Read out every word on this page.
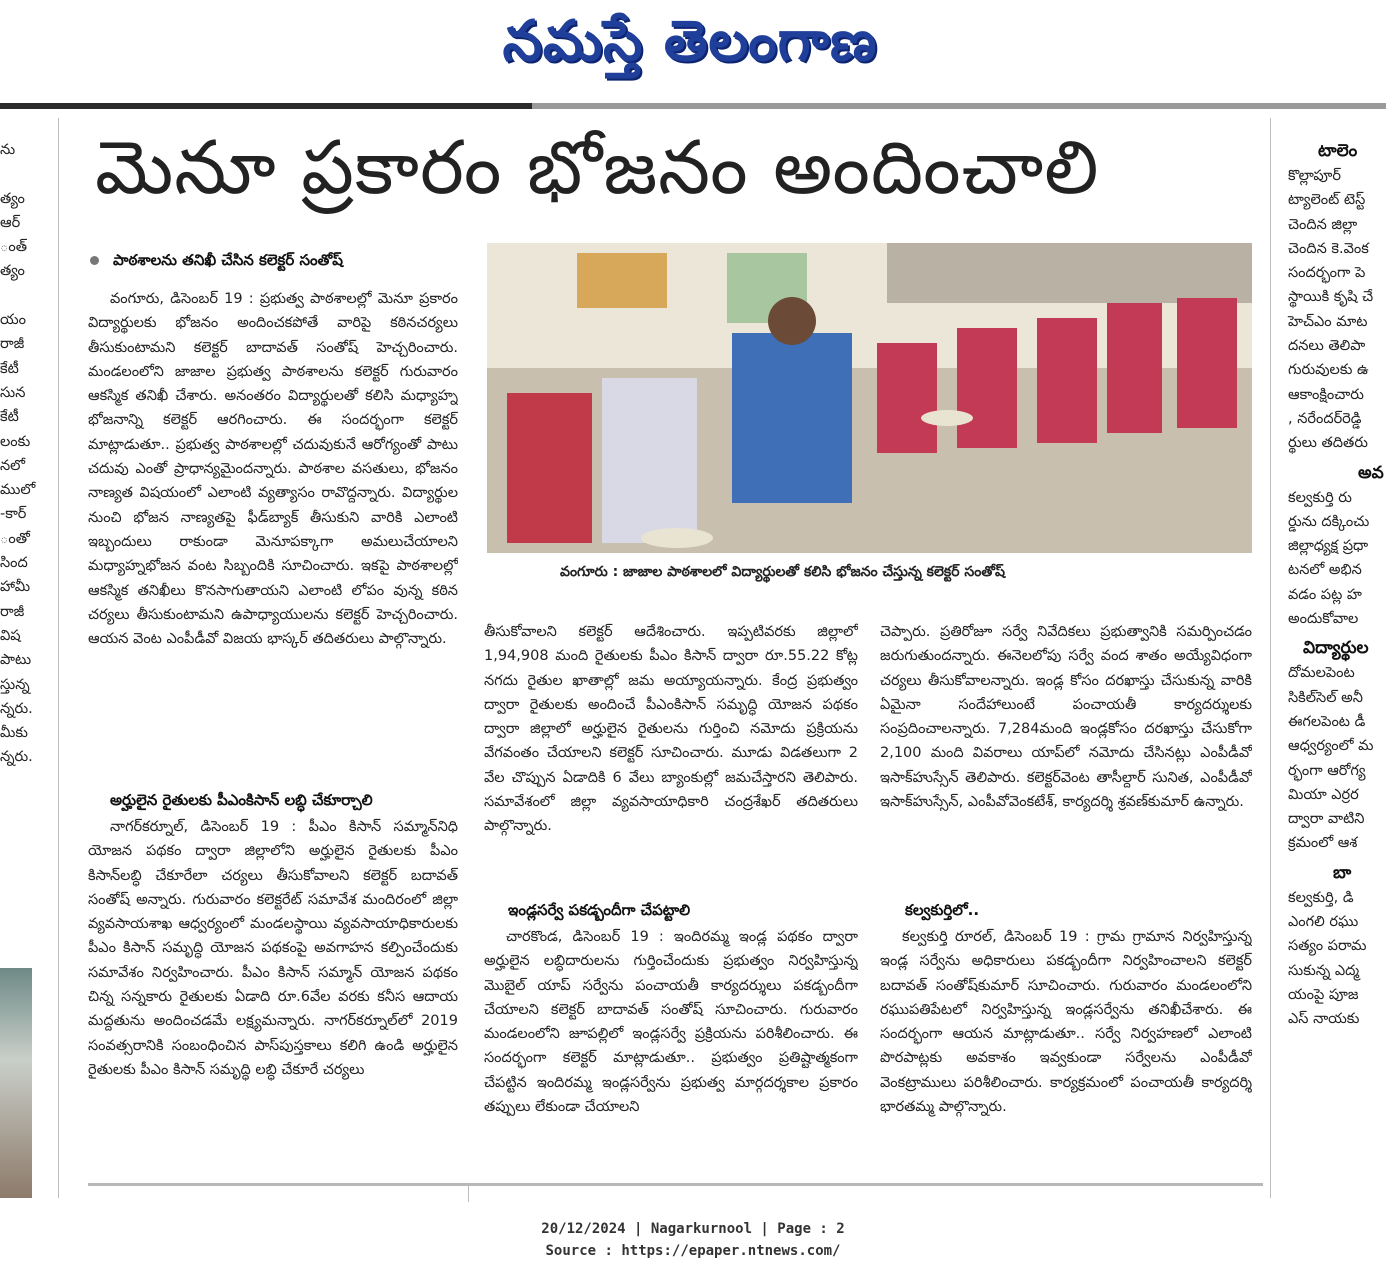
నమస్తే తెలంగాణ
ను
త్యం
ఆర్
ంత్
త్యం
యం
రాజీ
కేటీ
సున
కేటీ
లంకు
నలో
ములో
-కార్
ంతో
సింద
హామీ
రాజీ
విష
పాటు
స్తున్న
న్నరు.
మీకు
న్నరు.
మెనూ ప్రకారం భోజనం అందించాలి
పాఠశాలను తనిఖీ చేసిన కలెక్టర్ సంతోష్

వంగూరు, డిసెంబర్ 19 : ప్రభుత్వ పాఠశాలల్లో మెనూ ప్రకారం విద్యార్థులకు భోజనం అందించకపోతే వారిపై కఠినచర్యలు తీసుకుంటామని కలెక్టర్ బాదావత్ సంతోష్ హెచ్చరించారు. మండలంలోని జాజాల ప్రభుత్వ పాఠశాలను కలెక్టర్ గురువారం ఆకస్మిక తనిఖీ చేశారు. అనంతరం విద్యార్థులతో కలిసి మధ్యాహ్న భోజనాన్ని కలెక్టర్ ఆరగించారు. ఈ సందర్భంగా కలెక్టర్ మాట్లాడుతూ.. ప్రభుత్వ పాఠశాలల్లో చదువుకునే ఆరోగ్యంతో పాటు చదువు ఎంతో ప్రాధాన్యమైందన్నారు. పాఠశాల వసతులు, భోజనం నాణ్యత విషయంలో ఎలాంటి వ్యత్యాసం రావొద్దన్నారు. విద్యార్థుల నుంచి భోజన నాణ్యతపై ఫీడ్‌బ్యాక్ తీసుకుని వారికి ఎలాంటి ఇబ్బందులు రాకుండా మెనూపక్కాగా అమలుచేయాలని మధ్యాహ్నభోజన వంట సిబ్బందికి సూచించారు. ఇకపై పాఠశాలల్లో ఆకస్మిక తనిఖీలు కొనసాగుతాయని ఎలాంటి లోపం వున్న కఠిన చర్యలు తీసుకుంటామని ఉపాధ్యాయులను కలెక్టర్ హెచ్చరించారు. ఆయన వెంట ఎంపీడీవో విజయ భాస్కర్ తదితరులు పాల్గొన్నారు.

అర్హులైన రైతులకు పీఎంకిసాన్ లబ్ధి చేకూర్చాలి

నాగర్‌కర్నూల్, డిసెంబర్ 19 : పీఎం కిసాన్ సమ్మాన్‌నిధి యోజన పథకం ద్వారా జిల్లాలోని అర్హులైన రైతులకు పీఎం కిసాన్‌లబ్ధి చేకూరేలా చర్యలు తీసుకోవాలని కలెక్టర్ బదావత్ సంతోష్ అన్నారు. గురువారం కలెక్టరేట్ సమావేశ మందిరంలో జిల్లా వ్యవసాయశాఖ ఆధ్వర్యంలో మండలస్థాయి వ్యవసాయాధికారులకు పీఎం కిసాన్ సమృద్ధి యోజన పథకంపై అవగాహన కల్పించేందుకు సమావేశం నిర్వహించారు. పీఎం కిసాన్ సమ్మాన్ యోజన పథకం చిన్న సన్నకారు రైతులకు ఏడాది రూ.6వేల వరకు కనీస ఆదాయ మద్దతును అందించడమే లక్ష్యమన్నారు. నాగర్‌కర్నూల్‌లో 2019 సంవత్సరానికి సంబంధించిన పాస్‌పుస్తకాలు కలిగి ఉండి అర్హులైన రైతులకు పీఎం కిసాన్ సమృద్ధి లబ్ధి చేకూరే చర్యలు

తీసుకోవాలని కలెక్టర్ ఆదేశించారు. ఇప్పటివరకు జిల్లాలో 1,94,908 మంది రైతులకు పీఎం కిసాన్ ద్వారా రూ.55.22 కోట్ల నగదు రైతుల ఖాతాల్లో జమ అయ్యాయన్నారు. కేంద్ర ప్రభుత్వం ద్వారా రైతులకు అందించే పీఎంకిసాన్ సమృద్ధి యోజన పథకం ద్వారా జిల్లాలో అర్హులైన రైతులను గుర్తించి నమోదు ప్రక్రియను వేగవంతం చేయాలని కలెక్టర్ సూచించారు. మూడు విడతలుగా 2 వేల చొప్పున ఏడాదికి 6 వేలు బ్యాంకుల్లో జమచేస్తారని తెలిపారు. సమావేశంలో జిల్లా వ్యవసాయాధికారి చంద్రశేఖర్ తదితరులు పాల్గొన్నారు.

వంగూరు : జాజాల పాఠశాలలో విద్యార్థులతో కలిసి భోజనం చేస్తున్న కలెక్టర్ సంతోష్
ఇండ్లసర్వే పకడ్బందీగా చేపట్టాలి

చారకొండ, డిసెంబర్ 19 : ఇందిరమ్మ ఇండ్ల పథకం ద్వారా అర్హులైన లబ్ధిదారులను గుర్తించేందుకు ప్రభుత్వం నిర్వహిస్తున్న మొబైల్ యాప్ సర్వేను పంచాయతీ కార్యదర్శులు పకడ్బందీగా చేయాలని కలెక్టర్ బాదావత్ సంతోష్ సూచించారు. గురువారం మండలంలోని జూపల్లిలో ఇండ్లసర్వే ప్రక్రియను పరిశీలించారు. ఈ సందర్భంగా కలెక్టర్ మాట్లాడుతూ.. ప్రభుత్వం ప్రతిష్టాత్మకంగా చేపట్టిన ఇందిరమ్మ ఇండ్లసర్వేను ప్రభుత్వ మార్గదర్శకాల ప్రకారం తప్పులు లేకుండా చేయాలని

చెప్పారు. ప్రతిరోజూ సర్వే నివేదికలు ప్రభుత్వానికి సమర్పించడం జరుగుతుందన్నారు. ఈనెలలోపు సర్వే వంద శాతం అయ్యేవిధంగా చర్యలు తీసుకోవాలన్నారు. ఇండ్ల కోసం దరఖాస్తు చేసుకున్న వారికి ఏమైనా సందేహాలుంటే పంచాయతీ కార్యదర్శులకు సంప్రదించాలన్నారు. 7,284మంది ఇండ్లకోసం దరఖాస్తు చేసుకోగా 2,100 మంది వివరాలు యాప్‌లో నమోదు చేసినట్లు ఎంపీడీవో ఇసాక్‌హుస్సేన్ తెలిపారు. కలెక్టర్‌వెంట తాసీల్దార్ సునిత, ఎంపీడీవో ఇసాక్‌హుస్సేన్, ఎంపీవోవెంకటేశ్, కార్యదర్శి శ్రవణ్‌కుమార్ ఉన్నారు.

కల్వకుర్తిలో..

కల్వకుర్తి రూరల్, డిసెంబర్ 19 : గ్రామ గ్రామాన నిర్వహిస్తున్న ఇండ్ల సర్వేను అధికారులు పకడ్బందీగా నిర్వహించాలని కలెక్టర్ బదావత్ సంతోష్‌కుమార్ సూచించారు. గురువారం మండలంలోని రఘుపతిపేటలో నిర్వహిస్తున్న ఇండ్లసర్వేను తనిఖీచేశారు. ఈ సందర్భంగా ఆయన మాట్లాడుతూ.. సర్వే నిర్వహణలో ఎలాంటి పొరపాట్లకు అవకాశం ఇవ్వకుండా సర్వేలను ఎంపీడీవో వెంకట్రాములు పరిశీలించారు. కార్యక్రమంలో పంచాయతీ కార్యదర్శి భారతమ్మ పాల్గొన్నారు.

టాలెం
కొల్లాపూర్‌
ట్యాలెంట్ టెస్ట్
చెందిన జిల్లా
చెందిన కె.వెంక
సందర్భంగా పె
స్థాయికి కృషి చే
హెచ్‌ఎం మాట
దనలు తెలిపా
గురువులకు ఉ
ఆకాంక్షించారు
, నరేందర్‌రెడ్డి
ర్థులు తదితరు
అవ
కల్వకుర్తి రు
ర్డును దక్కించు
జిల్లాధ్యక్ష ప్రధా
టనలో అభిన
వడం పట్ల హ
అందుకోవాల
విద్యార్థుల
దోమలపెంట
సికిల్‌సెల్ అనీ
ఈగలపెంట డీ
ఆధ్వర్యంలో మ
ర్భంగా ఆరోగ్య
మియా ఎర్రర
ద్వారా వాటిని
క్రమంలో ఆశ
బా
కల్వకుర్తి, డి
ఎంగలి రఘు
సత్యం పరామ
సుకున్న ఎద్మ
యంపై పూజ
ఎస్ నాయకు
20/12/2024 | Nagarkurnool | Page : 2
Source : https://epaper.ntnews.com/
